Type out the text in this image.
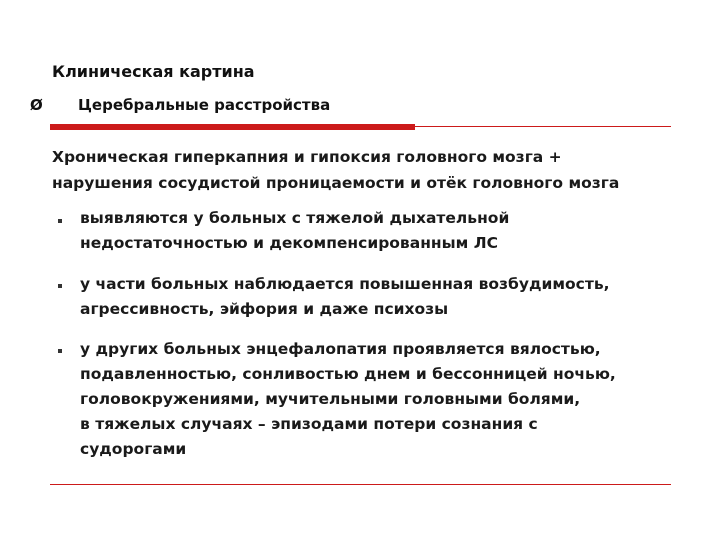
Клиническая картина
Ø Церебральные расстройства
Хроническая гиперкапния и гипоксия головного мозга +
нарушения сосудистой проницаемости и отёк головного мозга
выявляются у больных с тяжелой дыхательной
недостаточностью и декомпенсированным ЛС
у части больных наблюдается повышенная возбудимость,
агрессивность, эйфория и даже психозы
у других больных энцефалопатия проявляется вялостью,
подавленностью, сонливостью днем и бессонницей ночью,
головокружениями, мучительными головными болями,
в тяжелых случаях – эпизодами потери сознания с
судорогами
